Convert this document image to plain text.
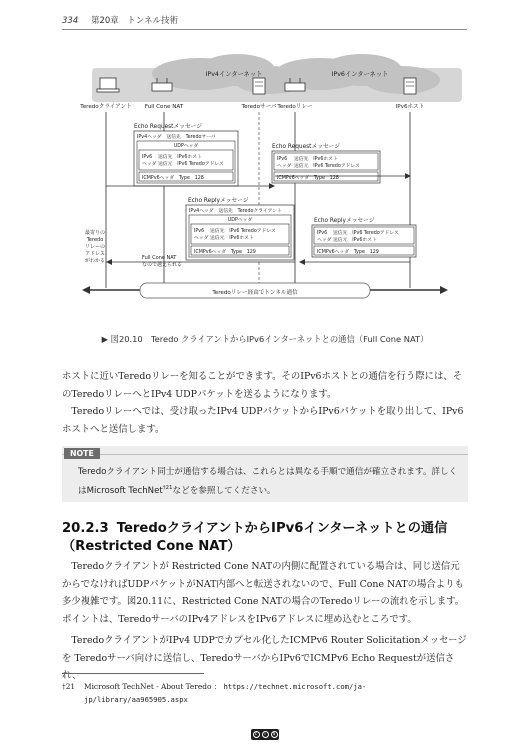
334 第20章　トンネル技術
IPv4インターネット	IPv6インターネット
Teredoクライアント Full Cone NAT	Teredoサーバ Teredoリレー	IPv6ホスト
Echo Requestメッセージ
IPv4ヘッダ　送信先　Teredoサーバ
UDPヘッダ
IPv6
ヘッダ
送信先　IPv6ホスト
送信元　IPv6 Teredoアドレス
ICMPv6ヘッダ　Type　128
Echo Requestメッセージ
IPv6
ヘッダ
送信先　IPv6ホスト
送信元　IPv6 Teredoアドレス
ICMPv6ヘッダ　Type　128
Echo Replyメッセージ
IPv4ヘッダ　送信先　Teredoクライアント
UDPヘッダ
IPv6
ヘッダ
送信先　IPv6 Teredoアドレス
送信元　IPv6ホスト
ICMPv6ヘッダ　Type　129
Echo Replyメッセージ
IPv6
ヘッダ
送信先　IPv6 Teredoアドレス
送信元　IPv6ホスト
ICMPv6ヘッダ　Type　129
最寄りの
Teredo
リレーの
アドレス
がわかる	Full Cone NAT
なので越えられる
Teredoリレー経由でトンネル通信
▶ 図20.10　Teredo クライアントからIPv6インターネットとの通信（Full Cone NAT）

ホストに近いTeredoリレーを知ることができます。そのIPv6ホストとの通信を行う際には、そのTeredoリレーへとIPv4 UDPパケットを送るようになります。

Teredoリレーへでは、受け取ったIPv4 UDPパケットからIPv6パケットを取り出して、IPv6ホストへと送信します。

NOTE
Teredoクライアント同士が通信する場合は、これらとは異なる手順で通信が確立されます。詳しくはMicrosoft TechNet$^{\dagger 21}$などを参照してください。
20.2.3 TeredoクライアントからIPv6インターネットとの通信（Restricted Cone NAT）

Teredoクライアントが Restricted Cone NATの内側に配置されている場合は、同じ送信元からでなければUDPパケットがNAT内部へと転送されないので、Full Cone NATの場合よりも多少複雑です。図20.11に、Restricted Cone NATの場合のTeredoリレーの流れを示します。ポイントは、TeredoサーバのIPv4アドレスをIPv6アドレスに埋め込むところです。

TeredoクライアントがIPv4 UDPでカプセル化したICMPv6 Router Solicitationメッセージを Teredoサーバ向けに送信し、TeredoサーバからIPv6でICMPv6 Echo Requestが送信され、

†21	Microsoft TechNet - About Teredo ： https://technet.microsoft.com/ja-jp/library/aa965905.aspx
c	i	$
